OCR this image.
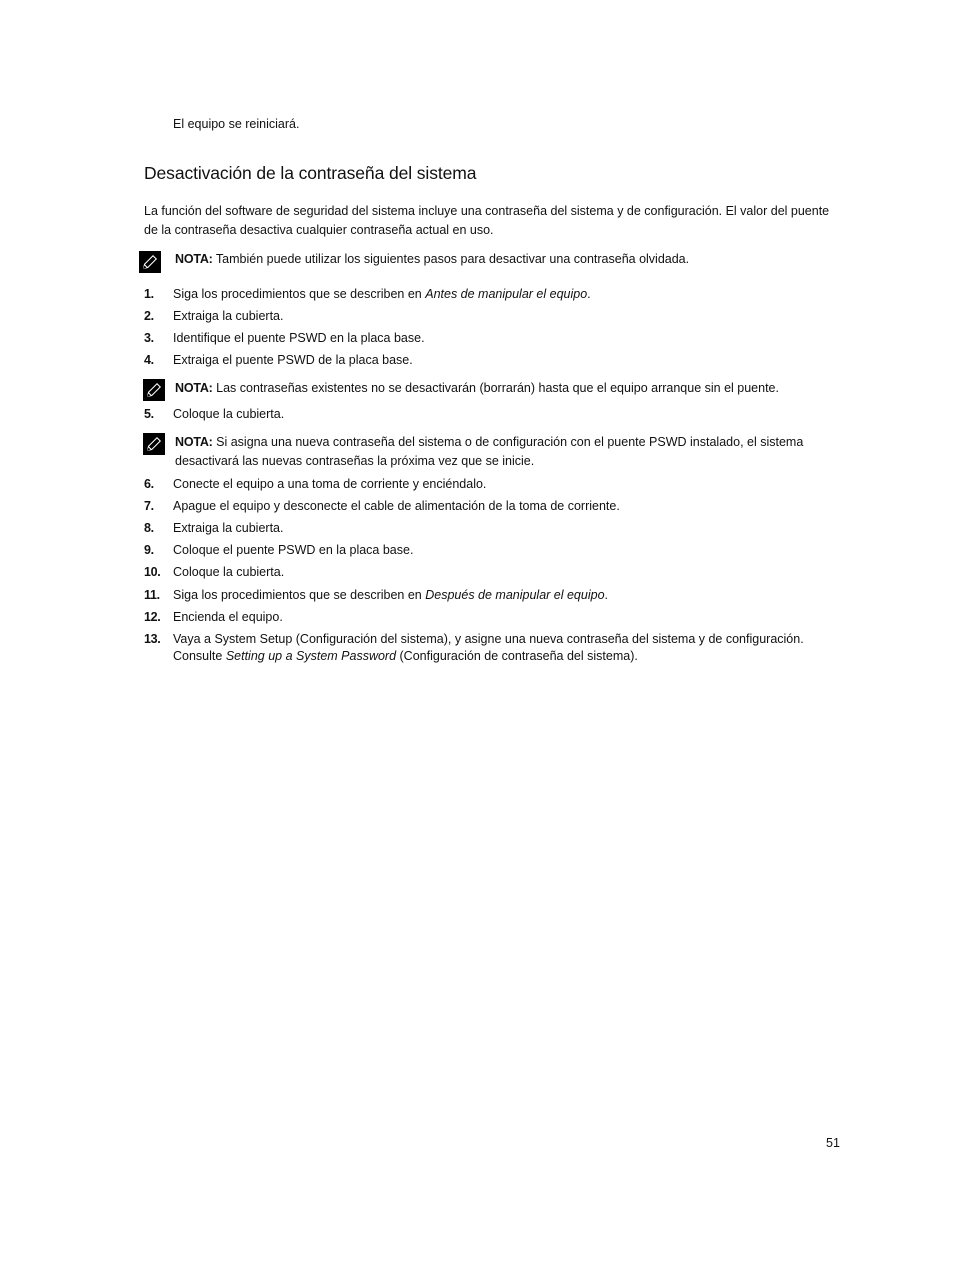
El equipo se reiniciará.
Desactivación de la contraseña del sistema
La función del software de seguridad del sistema incluye una contraseña del sistema y de configuración. El valor del puente de la contraseña desactiva cualquier contraseña actual en uso.
NOTA: También puede utilizar los siguientes pasos para desactivar una contraseña olvidada.
1. Siga los procedimientos que se describen en Antes de manipular el equipo.
2. Extraiga la cubierta.
3. Identifique el puente PSWD en la placa base.
4. Extraiga el puente PSWD de la placa base.
NOTA: Las contraseñas existentes no se desactivarán (borrarán) hasta que el equipo arranque sin el puente.
5. Coloque la cubierta.
NOTA: Si asigna una nueva contraseña del sistema o de configuración con el puente PSWD instalado, el sistema desactivará las nuevas contraseñas la próxima vez que se inicie.
6. Conecte el equipo a una toma de corriente y enciéndalo.
7. Apague el equipo y desconecte el cable de alimentación de la toma de corriente.
8. Extraiga la cubierta.
9. Coloque el puente PSWD en la placa base.
10. Coloque la cubierta.
11. Siga los procedimientos que se describen en Después de manipular el equipo.
12. Encienda el equipo.
13. Vaya a System Setup (Configuración del sistema), y asigne una nueva contraseña del sistema y de configuración.
Consulte Setting up a System Password (Configuración de contraseña del sistema).
51
